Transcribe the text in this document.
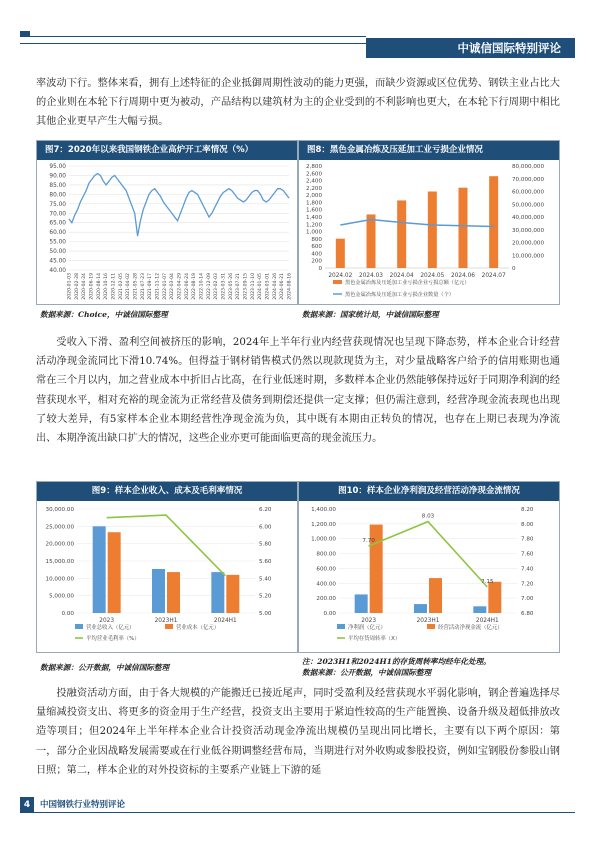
中诚信国际特别评论
率波动下行。整体来看，拥有上述特征的企业抵御周期性波动的能力更强，而缺少资源或区位优势、钢铁主业占比大的企业则在本轮下行周期中更为被动，产品结构以建筑材为主的企业受到的不利影响也更大，在本轮下行周期中相比其他企业更早产生大幅亏损。
图7：2020年以来我国钢铁企业高炉开工率情况（%）
95.00
90.00
85.00
80.00
75.00
70.00
65.00
60.00
55.00
50.00
45.00
40.00
2020-01-03 2020-02-28 2020-04-24 2020-06-19 2020-08-14 2020-10-16 2020-12-11 2021-02-05 2021-04-02 2021-05-28 2021-07-23 2021-09-17 2021-11-12 2022-01-07 2022-03-04 2022-04-29 2022-06-24 2022-08-19 2022-10-14 2022-12-09 2023-02-03 2023-03-31 2023-05-26 2023-07-21 2023-09-15 2023-11-10 2024-01-05 2024-03-01 2024-04-26 2024-06-21 2024-08-16
图8：黑色金属冶炼及压延加工业亏损企业情况
2,800
2,600
2,400
2,200
2,000
1,800
1,600
1,400
1,200
1,000
800
600
400
200
0
80,000,000
70,000,000
60,000,000
50,000,000
40,000,000
30,000,000
20,000,000
10,000,000
0
2024.02 2024.03 2024.04 2024.05 2024.06 2024.07
黑色金属冶炼及压延加工业亏损企业亏损总额（亿元）
黑色金属冶炼及压延加工业亏损企业数量（个）
数据来源：Choice，中诚信国际整理	数据来源：国家统计局，中诚信国际整理
受收入下滑、盈利空间被挤压的影响，2024年上半年行业内经营获现情况也呈现下降态势，样本企业合计经营活动净现金流同比下滑10.74%。但得益于钢材销售模式仍然以现款现货为主，对少量战略客户给予的信用账期也通常在三个月以内，加之营业成本中折旧占比高，在行业低迷时期，多数样本企业仍然能够保持远好于同期净利润的经营获现水平，相对充裕的现金流为正常经营及债务到期偿还提供一定支撑；但仍需注意到，经营净现金流表现也出现了较大差异，有5家样本企业本期经营性净现金流为负，其中既有本期由正转负的情况，也存在上期已表现为净流出、本期净流出缺口扩大的情况，这些企业亦更可能面临更高的现金流压力。
图9：样本企业收入、成本及毛利率情况
30,000.00
25,000.00
20,000.00
15,000.00
10,000.00
5,000.00
0.00
6.20
6.00
5.80
5.60
5.40
5.20
5.00
2023	2023H1	2024H1
营业总收入（亿元）	营业成本（亿元）
平均营业毛利率（%）
图10：样本企业净利润及经营活动净现金流情况
1,400.00
1,200.00
1,000.00
800.00
600.00
400.00
200.00
0.00
8.20
8.00
7.80
7.60
7.40
7.20
7.00
6.80
2023	2023H1	2024H1
7.70
8.03
7.15
净利润（亿元）	经营活动净现金流（亿元）
平均存货周转率（X）
数据来源：公开数据，中诚信国际整理
注：2023H1和2024H1的存货周转率均经年化处理。
数据来源：公开数据，中诚信国际整理
投融资活动方面，由于各大规模的产能搬迁已接近尾声，同时受盈利及经营获现水平弱化影响，钢企普遍选择尽量缩减投资支出、将更多的资金用于生产经营，投资支出主要用于紧迫性较高的生产能置换、设备升级及超低排放改造等项目；但2024年上半年样本企业合计投资活动现金净流出规模仍呈现出同比增长，主要有以下两个原因：第一，部分企业因战略发展需要或在行业低谷期调整经营布局，当期进行对外收购或参股投资，例如宝钢股份参股山钢日照；第二，样本企业的对外投资标的主要系产业链上下游的延
4	中国钢铁行业特别评论
